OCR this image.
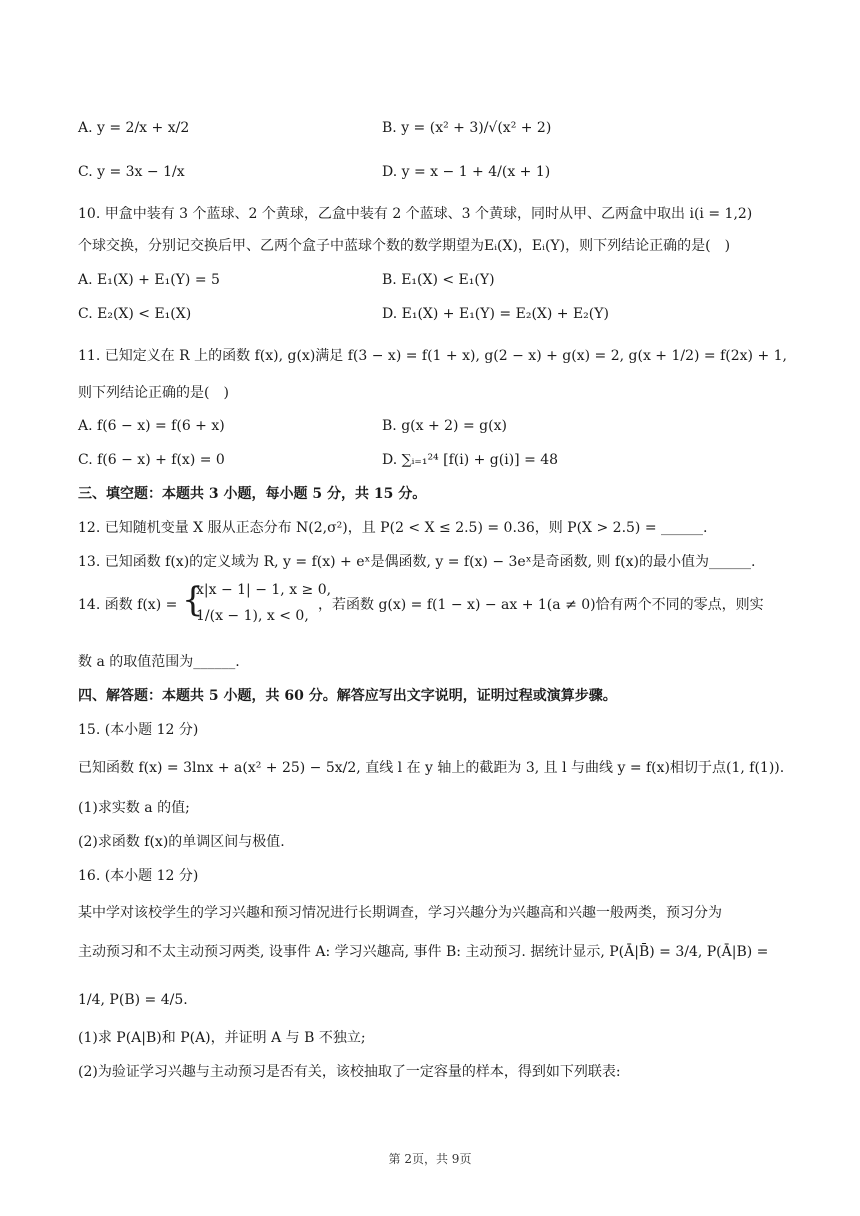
A. y = 2/x + x/2	B. y = (x² + 3)/√(x² + 2)
C. y = 3x − 1/x	D. y = x − 1 + 4/(x + 1)
10. 甲盒中装有 3 个蓝球、2 个黄球，乙盒中装有 2 个蓝球、3 个黄球，同时从甲、乙两盒中取出 i(i = 1,2)
个球交换，分别记交换后甲、乙两个盒子中蓝球个数的数学期望为Eᵢ(X)，Eᵢ(Y)，则下列结论正确的是(　)
A. E₁(X) + E₁(Y) = 5	B. E₁(X) < E₁(Y)
C. E₂(X) < E₁(X)	D. E₁(X) + E₁(Y) = E₂(X) + E₂(Y)
11. 已知定义在 R 上的函数 f(x), g(x)满足 f(3 − x) = f(1 + x), g(2 − x) + g(x) = 2, g(x + 1/2) = f(2x) + 1,
则下列结论正确的是(　)
A. f(6 − x) = f(6 + x)	B. g(x + 2) = g(x)
C. f(6 − x) + f(x) = 0	D. ∑ᵢ₌₁²⁴ [f(i) + g(i)] = 48
三、填空题：本题共 3 小题，每小题 5 分，共 15 分。
12. 已知随机变量 X 服从正态分布 N(2,σ²)，且 P(2 < X ≤ 2.5) = 0.36，则 P(X > 2.5) = ______.
13. 已知函数 f(x)的定义域为 R, y = f(x) + eˣ是偶函数, y = f(x) − 3eˣ是奇函数, 则 f(x)的最小值为______.
14. 函数 f(x) = {
x|x − 1| − 1, x ≥ 0,
1/(x − 1), x < 0,
，若函数 g(x) = f(1 − x) − ax + 1(a ≠ 0)恰有两个不同的零点，则实
数 a 的取值范围为______.
四、解答题：本题共 5 小题，共 60 分。解答应写出文字说明，证明过程或演算步骤。
15. (本小题 12 分)
已知函数 f(x) = 3lnx + a(x² + 25) − 5x/2, 直线 l 在 y 轴上的截距为 3, 且 l 与曲线 y = f(x)相切于点(1, f(1)).
(1)求实数 a 的值;
(2)求函数 f(x)的单调区间与极值.
16. (本小题 12 分)
某中学对该校学生的学习兴趣和预习情况进行长期调查，学习兴趣分为兴趣高和兴趣一般两类，预习分为
主动预习和不太主动预习两类, 设事件 A: 学习兴趣高, 事件 B: 主动预习. 据统计显示, P(Ā|B̄) = 3/4, P(Ā|B) =
1/4, P(B) = 4/5.
(1)求 P(A|B)和 P(A)，并证明 A 与 B 不独立;
(2)为验证学习兴趣与主动预习是否有关，该校抽取了一定容量的样本，得到如下列联表:
第 2页，共 9页
